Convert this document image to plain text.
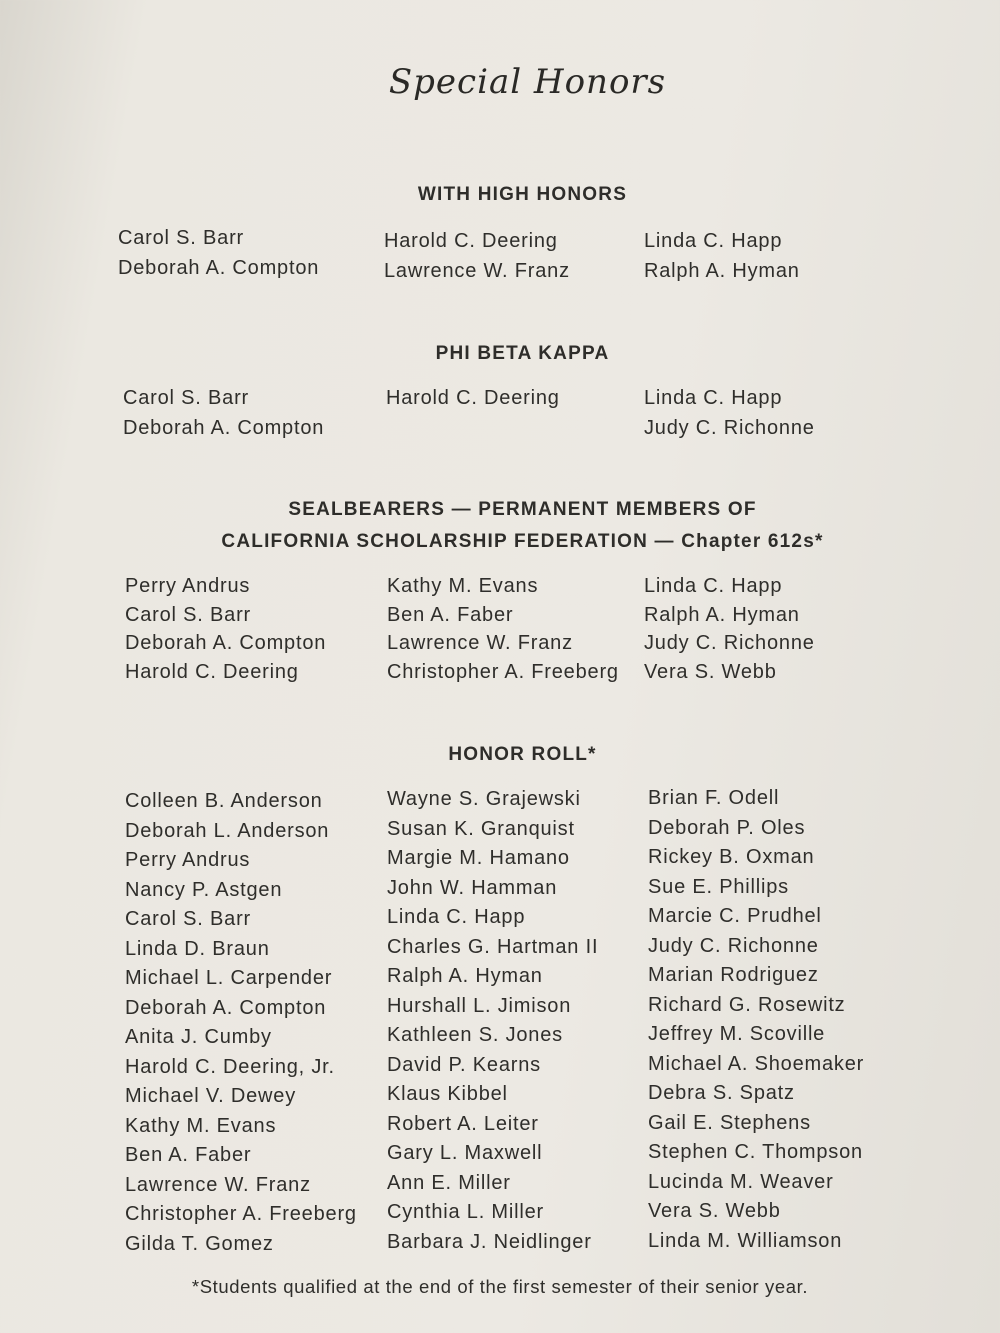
Special Honors
WITH HIGH HONORS
Carol S. Barr
Deborah A. Compton
Harold C. Deering
Lawrence W. Franz
Linda C. Happ
Ralph A. Hyman
PHI BETA KAPPA
Carol S. Barr
Deborah A. Compton
Harold C. Deering	Linda C. Happ
Judy C. Richonne
SEALBEARERS — PERMANENT MEMBERS OF
CALIFORNIA SCHOLARSHIP FEDERATION — Chapter 612s*
Perry Andrus
Carol S. Barr
Deborah A. Compton
Harold C. Deering
Kathy M. Evans
Ben A. Faber
Lawrence W. Franz
Christopher A. Freeberg
Linda C. Happ
Ralph A. Hyman
Judy C. Richonne
Vera S. Webb
HONOR ROLL*
Colleen B. Anderson
Deborah L. Anderson
Perry Andrus
Nancy P. Astgen
Carol S. Barr
Linda D. Braun
Michael L. Carpender
Deborah A. Compton
Anita J. Cumby
Harold C. Deering, Jr.
Michael V. Dewey
Kathy M. Evans
Ben A. Faber
Lawrence W. Franz
Christopher A. Freeberg
Gilda T. Gomez
Wayne S. Grajewski
Susan K. Granquist
Margie M. Hamano
John W. Hamman
Linda C. Happ
Charles G. Hartman II
Ralph A. Hyman
Hurshall L. Jimison
Kathleen S. Jones
David P. Kearns
Klaus Kibbel
Robert A. Leiter
Gary L. Maxwell
Ann E. Miller
Cynthia L. Miller
Barbara J. Neidlinger
Brian F. Odell
Deborah P. Oles
Rickey B. Oxman
Sue E. Phillips
Marcie C. Prudhel
Judy C. Richonne
Marian Rodriguez
Richard G. Rosewitz
Jeffrey M. Scoville
Michael A. Shoemaker
Debra S. Spatz
Gail E. Stephens
Stephen C. Thompson
Lucinda M. Weaver
Vera S. Webb
Linda M. Williamson
*Students qualified at the end of the first semester of their senior year.
